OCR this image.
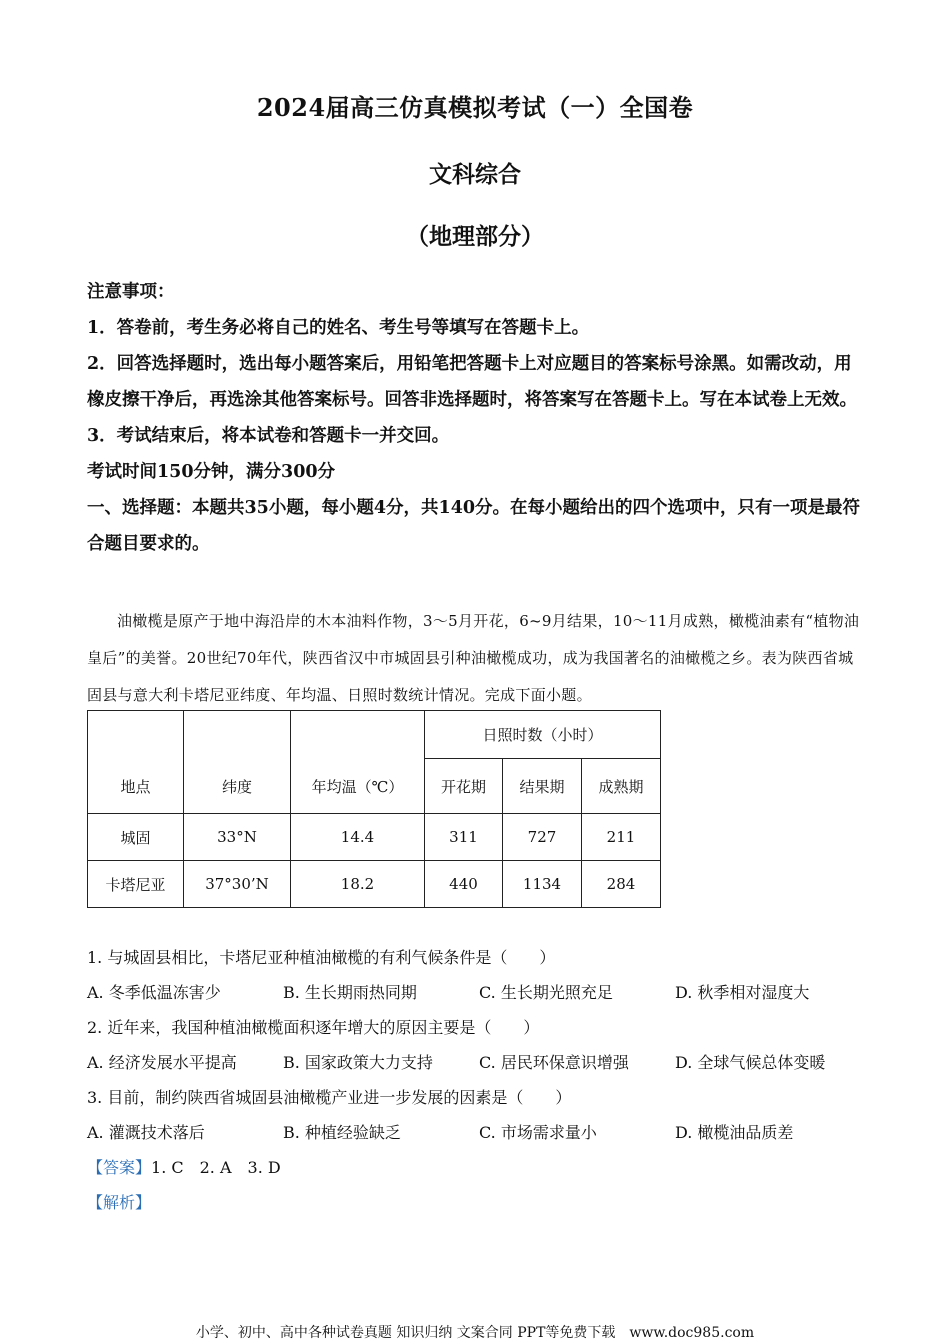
2024届高三仿真模拟考试（一）全国卷
文科综合
（地理部分）

注意事项：

1．答卷前，考生务必将自己的姓名、考生号等填写在答题卡上。

2．回答选择题时，选出每小题答案后，用铅笔把答题卡上对应题目的答案标号涂黑。如需改动，用橡皮擦干净后，再选涂其他答案标号。回答非选择题时，将答案写在答题卡上。写在本试卷上无效。

3．考试结束后，将本试卷和答题卡一并交回。

考试时间150分钟，满分300分

一、选择题：本题共35小题，每小题4分，共140分。在每小题给出的四个选项中，只有一项是最符合题目要求的。

油橄榄是原产于地中海沿岸的木本油料作物，3～5月开花，6~9月结果，10～11月成熟，橄榄油素有“植物油皇后”的美誉。20世纪70年代，陕西省汉中市城固县引种油橄榄成功，成为我国著名的油橄榄之乡。表为陕西省城固县与意大利卡塔尼亚纬度、年均温、日照时数统计情况。完成下面小题。
地点	纬度	年均温（℃）	日照时数（小时）		
			开花期	结果期	成熟期
城固	33°N	14.4	311	727	211
卡塔尼亚	37°30’N	18.2	440	1134	284
1. 与城固县相比，卡塔尼亚种植油橄榄的有利气候条件是（　　）
A. 冬季低温冻害少	B. 生长期雨热同期	C. 生长期光照充足	D. 秋季相对湿度大
2. 近年来，我国种植油橄榄面积逐年增大的原因主要是（　　）
A. 经济发展水平提高	B. 国家政策大力支持	C. 居民环保意识增强	D. 全球气候总体变暖
3. 目前，制约陕西省城固县油橄榄产业进一步发展的因素是（　　）
A. 灌溉技术落后	B. 种植经验缺乏	C. 市场需求量小	D. 橄榄油品质差
【答案】1. C　2. A　3. D
【解析】
小学、初中、高中各种试卷真题 知识归纳 文案合同 PPT等免费下载 www.doc985.com
